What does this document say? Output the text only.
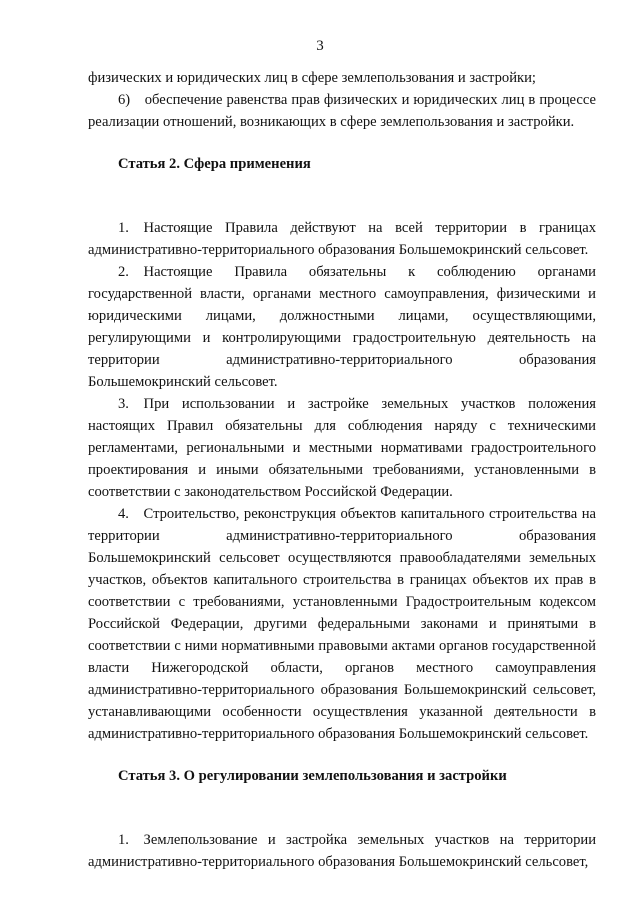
3

физических и юридических лиц в сфере землепользования и застройки;

6) обеспечение равенства прав физических и юридических лиц в процессе реализации отношений, возникающих в сфере землепользования и застройки.

Статья 2. Сфера применения

1. Настоящие Правила действуют на всей территории в границах административно-территориального образования Большемокринский сельсовет.

2. Настоящие Правила обязательны к соблюдению органами государственной власти, органами местного самоуправления, физическими и юридическими лицами, должностными лицами, осуществляющими, регулирующими и контролирующими градостроительную деятельность на территории административно-территориального образования Большемокринский сельсовет.

3. При использовании и застройке земельных участков положения настоящих Правил обязательны для соблюдения наряду с техническими регламентами, региональными и местными нормативами градостроительного проектирования и иными обязательными требованиями, установленными в соответствии с законодательством Российской Федерации.

4. Строительство, реконструкция объектов капитального строительства на территории административно-территориального образования Большемокринский сельсовет осуществляются правообладателями земельных участков, объектов капитального строительства в границах объектов их прав в соответствии с требованиями, установленными Градостроительным кодексом Российской Федерации, другими федеральными законами и принятыми в соответствии с ними нормативными правовыми актами органов государственной власти Нижегородской области, органов местного самоуправления административно-территориального образования Большемокринский сельсовет, устанавливающими особенности осуществления указанной деятельности в административно-территориального образования Большемокринский сельсовет.

Статья 3. О регулировании землепользования и застройки

1. Землепользование и застройка земельных участков на территории административно-территориального образования Большемокринский сельсовет,
